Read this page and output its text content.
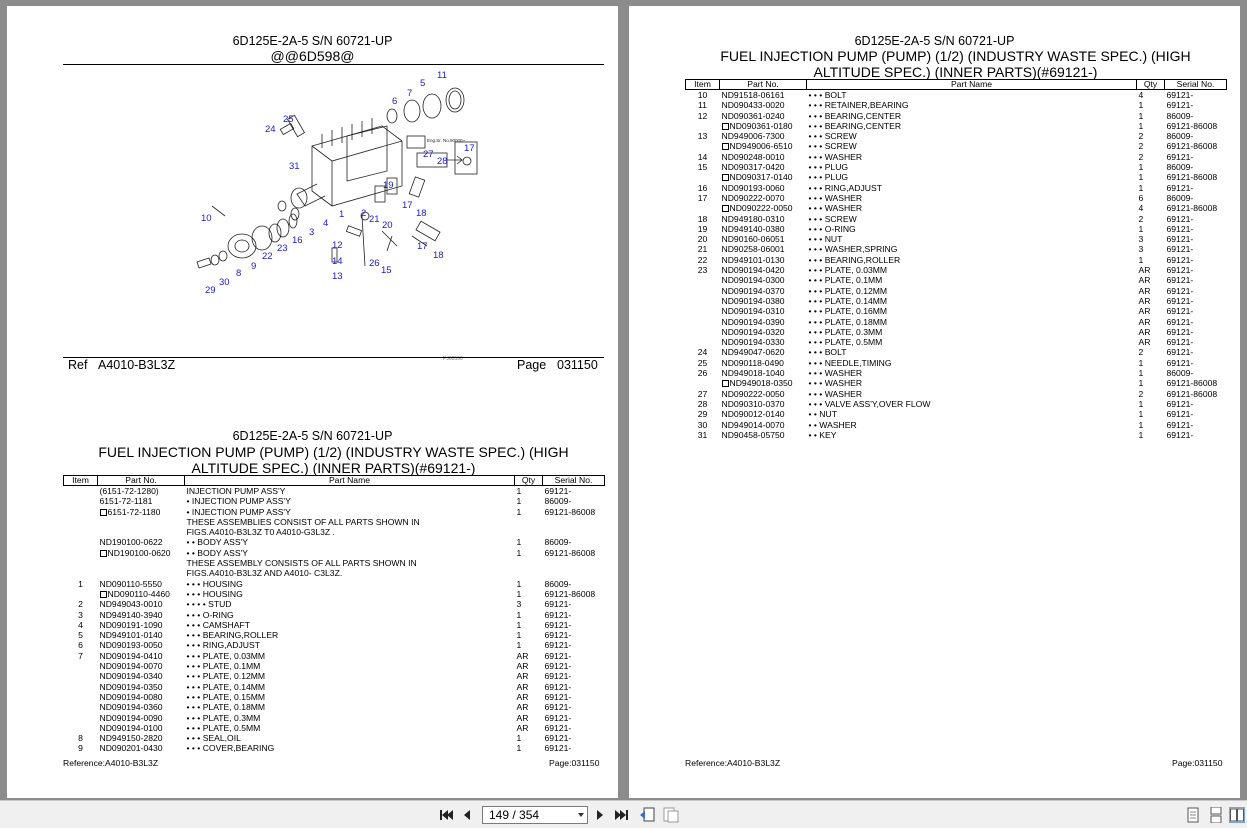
6D125E-2A-5 S/N 60721-UP
@@6D598@
11
5
7
6
25
24
31
27
28
17
19
10
3
4
1 2
21
20
17
18
16
23
22
9
8
30
29
12
14	26
13
15
17
18
Eng.Sr. No.90000~
PJ60590
Ref A4010-B3L3Z	Page 031150
6D125E-2A-5 S/N 60721-UP
FUEL INJECTION PUMP (PUMP) (1/2) (INDUSTRY WASTE SPEC.) (HIGH
ALTITUDE SPEC.) (INNER PARTS)(#69121-)
Item	Part No.	Part Name	Qty	Serial No.
	(6151-72-1280)	INJECTION PUMP ASS'Y	1	69121-
	6151-72-1181	• INJECTION PUMP ASS'Y	1	86009-
	6151-72-1180	• INJECTION PUMP ASS'Y	1	69121-86008
		THESE ASSEMBLIES CONSIST OF ALL PARTS SHOWN IN		
		FIGS.A4010-B3L3Z T0 A4010-G3L3Z .		
	ND190100-0622	• • BODY ASS'Y	1	86009-
	ND190100-0620	• • BODY ASS'Y	1	69121-86008
		THESE ASSEMBLY CONSISTS OF ALL PARTS SHOWN IN		
		FIGS.A4010-B3L3Z AND A4010- C3L3Z.		
1	ND090110-5550	• • • HOUSING	1	86009-
	ND090110-4460	• • • HOUSING	1	69121-86008
2	ND949043-0010	• • • • STUD	3	69121-
3	ND949140-3940	• • • O-RING	1	69121-
4	ND090191-1090	• • • CAMSHAFT	1	69121-
5	ND949101-0140	• • • BEARING,ROLLER	1	69121-
6	ND090193-0050	• • • RING,ADJUST	1	69121-
7	ND090194-0410	• • • PLATE, 0.03MM	AR	69121-
	ND090194-0070	• • • PLATE, 0.1MM	AR	69121-
	ND090194-0340	• • • PLATE, 0.12MM	AR	69121-
	ND090194-0350	• • • PLATE, 0.14MM	AR	69121-
	ND090194-0080	• • • PLATE, 0.15MM	AR	69121-
	ND090194-0360	• • • PLATE, 0.18MM	AR	69121-
	ND090194-0090	• • • PLATE, 0.3MM	AR	69121-
	ND090194-0100	• • • PLATE, 0.5MM	AR	69121-
8	ND949150-2820	• • • SEAL,OIL	1	69121-
9	ND090201-0430	• • • COVER,BEARING	1	69121-
Reference:A4010-B3L3Z	Page:031150
6D125E-2A-5 S/N 60721-UP
FUEL INJECTION PUMP (PUMP) (1/2) (INDUSTRY WASTE SPEC.) (HIGH
ALTITUDE SPEC.) (INNER PARTS)(#69121-)
Item	Part No.	Part Name	Qty	Serial No.
10	ND91518-06161	• • • BOLT	4	69121-
11	ND090433-0020	• • • RETAINER,BEARING	1	69121-
12	ND090361-0240	• • • BEARING,CENTER	1	86009-
	ND090361-0180	• • • BEARING,CENTER	1	69121-86008
13	ND949006-7300	• • • SCREW	2	86009-
	ND949006-6510	• • • SCREW	2	69121-86008
14	ND090248-0010	• • • WASHER	2	69121-
15	ND090317-0420	• • • PLUG	1	86009-
	ND090317-0140	• • • PLUG	1	69121-86008
16	ND090193-0060	• • • RING,ADJUST	1	69121-
17	ND090222-0070	• • • WASHER	6	86009-
	ND090222-0050	• • • WASHER	4	69121-86008
18	ND949180-0310	• • • SCREW	2	69121-
19	ND949140-0380	• • • O-RING	1	69121-
20	ND90160-06051	• • • NUT	3	69121-
21	ND90258-06001	• • • WASHER,SPRING	3	69121-
22	ND949101-0130	• • • BEARING,ROLLER	1	69121-
23	ND090194-0420	• • • PLATE, 0.03MM	AR	69121-
	ND090194-0300	• • • PLATE, 0.1MM	AR	69121-
	ND090194-0370	• • • PLATE, 0.12MM	AR	69121-
	ND090194-0380	• • • PLATE, 0.14MM	AR	69121-
	ND090194-0310	• • • PLATE, 0.16MM	AR	69121-
	ND090194-0390	• • • PLATE, 0.18MM	AR	69121-
	ND090194-0320	• • • PLATE, 0.3MM	AR	69121-
	ND090194-0330	• • • PLATE, 0.5MM	AR	69121-
24	ND949047-0620	• • • BOLT	2	69121-
25	ND090118-0490	• • • NEEDLE,TIMING	1	69121-
26	ND949018-1040	• • • WASHER	1	86009-
	ND949018-0350	• • • WASHER	1	69121-86008
27	ND090222-0050	• • • WASHER	2	69121-86008
28	ND090310-0370	• • • VALVE ASS'Y,OVER FLOW	1	69121-
29	ND090012-0140	• • NUT	1	69121-
30	ND949014-0070	• • WASHER	1	69121-
31	ND90458-05750	• • KEY	1	69121-
Reference:A4010-B3L3Z	Page:031150
149 / 354
